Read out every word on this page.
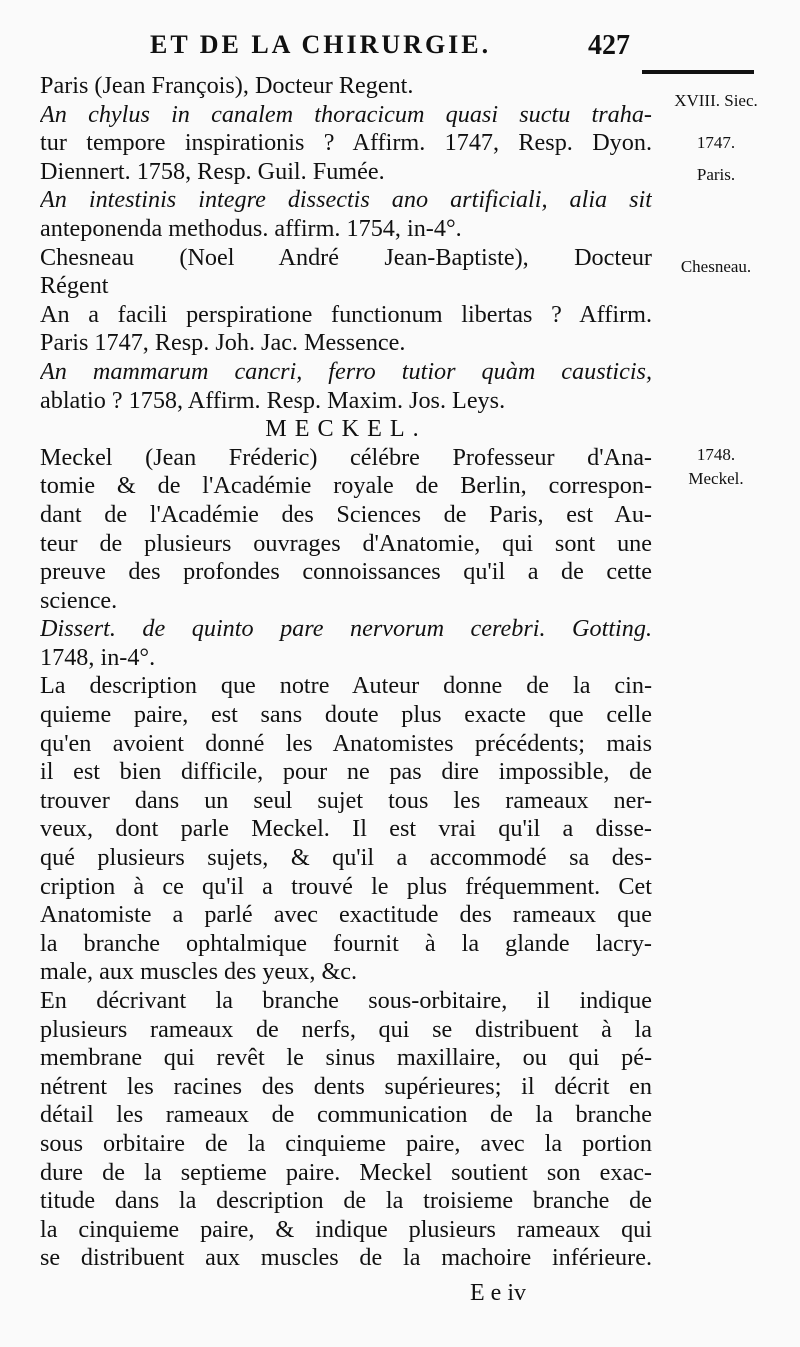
ET DE LA CHIRURGIE.	427
XVIII. Siec.
1747.
Paris.
Chesneau.
1748.
Meckel.
Paris (Jean François), Docteur Regent.
An chylus in canalem thoracicum quasi suctu traha-
tur tempore inspirationis ? Affirm. 1747, Resp. Dyon.
Diennert. 1758, Resp. Guil. Fumée.
An intestinis integre dissectis ano artificiali, alia sit
anteponenda methodus. affirm. 1754, in-4°.
Chesneau (Noel André Jean-Baptiste), Docteur
Régent
An a facili perspiratione functionum libertas ? Affirm.
Paris 1747, Resp. Joh. Jac. Messence.
An mammarum cancri, ferro tutior quàm causticis,
ablatio ? 1758, Affirm. Resp. Maxim. Jos. Leys.
MECKEL.
Meckel (Jean Fréderic) célébre Professeur d'Ana-
tomie & de l'Académie royale de Berlin, correspon-
dant de l'Académie des Sciences de Paris, est Au-
teur de plusieurs ouvrages d'Anatomie, qui sont une
preuve des profondes connoissances qu'il a de cette
science.
Dissert. de quinto pare nervorum cerebri. Gotting.
1748, in-4°.
La description que notre Auteur donne de la cin-
quieme paire, est sans doute plus exacte que celle
qu'en avoient donné les Anatomistes précédents; mais
il est bien difficile, pour ne pas dire impossible, de
trouver dans un seul sujet tous les rameaux ner-
veux, dont parle Meckel. Il est vrai qu'il a disse-
qué plusieurs sujets, & qu'il a accommodé sa des-
cription à ce qu'il a trouvé le plus fréquemment. Cet
Anatomiste a parlé avec exactitude des rameaux que
la branche ophtalmique fournit à la glande lacry-
male, aux muscles des yeux, &c.
En décrivant la branche sous-orbitaire, il indique
plusieurs rameaux de nerfs, qui se distribuent à la
membrane qui revêt le sinus maxillaire, ou qui pé-
nétrent les racines des dents supérieures; il décrit en
détail les rameaux de communication de la branche
sous orbitaire de la cinquieme paire, avec la portion
dure de la septieme paire. Meckel soutient son exac-
titude dans la description de la troisieme branche de
la cinquieme paire, & indique plusieurs rameaux qui
se distribuent aux muscles de la machoire inférieure.
E e iv
